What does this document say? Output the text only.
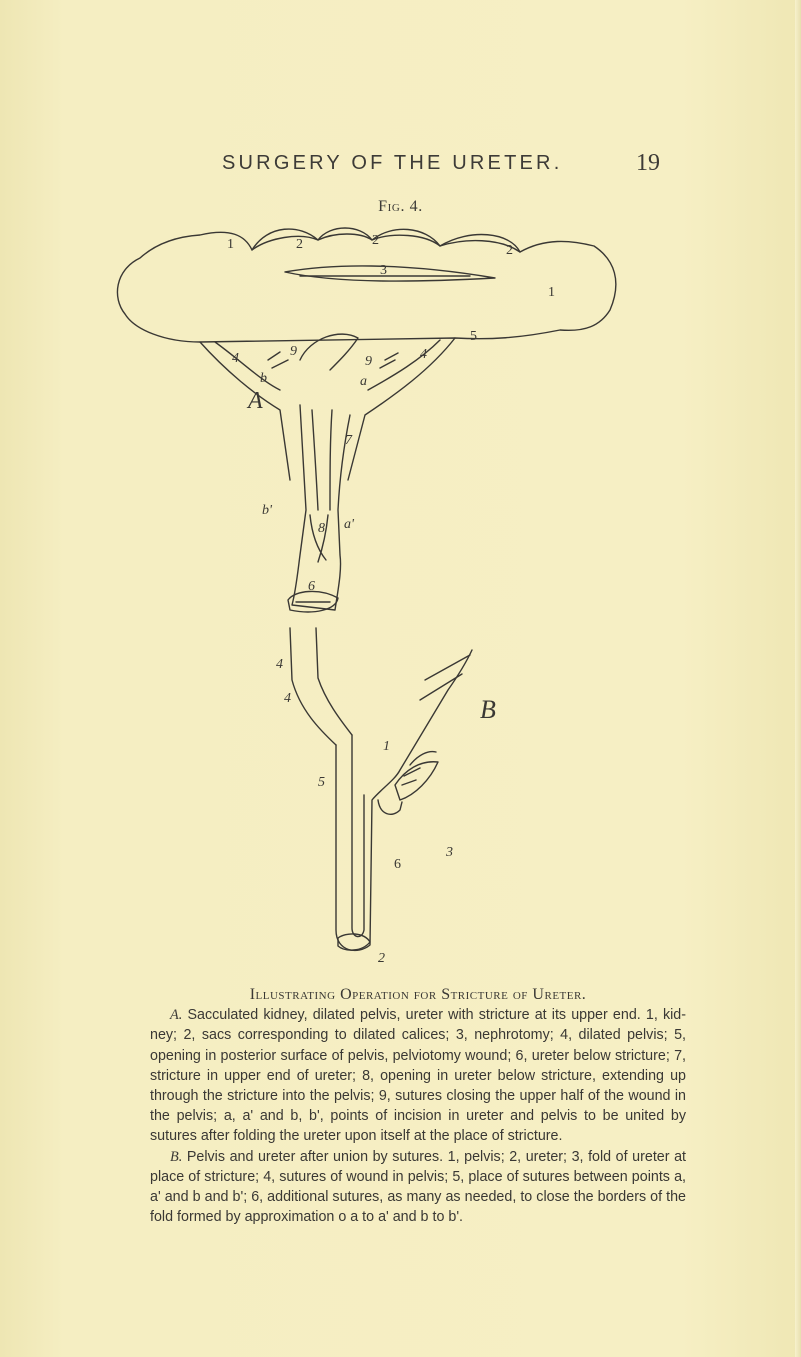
SURGERY OF THE URETER.	19
Fig. 4.
A
B
1
1
2	2
2
3
4	4
5
9
9
b	a
7
b'
a'
8
6
4
4
5
1
3
6
2
Illustrating Operation for Stricture of Ureter.

A. Sacculated kidney, dilated pelvis, ureter with stricture at its upper end. 1, kidney; 2, sacs corresponding to dilated calices; 3, nephrotomy; 4, dilated pelvis; 5, opening in posterior surface of pelvis, pelviotomy wound; 6, ureter below stricture; 7, stricture in upper end of ureter; 8, opening in ureter below stricture, extending up through the stricture into the pelvis; 9, sutures closing the upper half of the wound in the pelvis; a, a' and b, b', points of incision in ureter and pelvis to be united by sutures after folding the ureter upon itself at the place of stricture.

B. Pelvis and ureter after union by sutures. 1, pelvis; 2, ureter; 3, fold of ureter at place of stricture; 4, sutures of wound in pelvis; 5, place of sutures between points a, a' and b and b'; 6, additional sutures, as many as needed, to close the borders of the fold formed by approximation o a to a' and b to b'.
